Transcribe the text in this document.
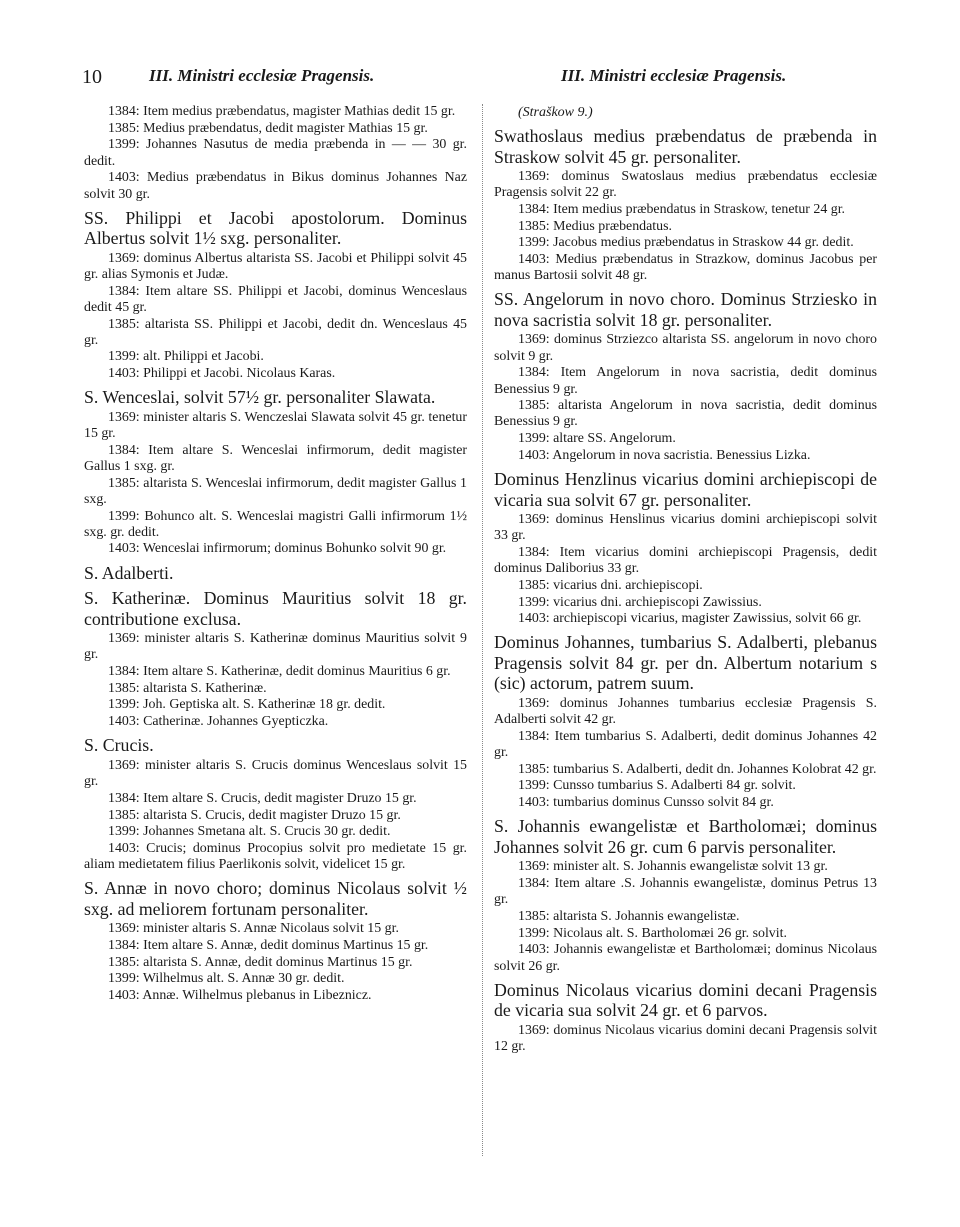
10	III. Ministri ecclesiæ Pragensis.	III. Ministri ecclesiæ Pragensis.

1384: Item medius præbendatus, magister Mathias dedit 15 gr.

1385: Medius præbendatus, dedit magister Mathias 15 gr.

1399: Johannes Nasutus de media præbenda in — — 30 gr. dedit.

1403: Medius præbendatus in Bikus dominus Johannes Naz solvit 30 gr.

SS. Philippi et Jacobi apostolorum. Dominus Albertus solvit 1½ sxg. personaliter.

1369: dominus Albertus altarista SS. Jacobi et Philippi solvit 45 gr. alias Symonis et Judæ.

1384: Item altare SS. Philippi et Jacobi, dominus Wenceslaus dedit 45 gr.

1385: altarista SS. Philippi et Jacobi, dedit dn. Wenceslaus 45 gr.

1399: alt. Philippi et Jacobi.

1403: Philippi et Jacobi. Nicolaus Karas.

S. Wenceslai, solvit 57½ gr. personaliter Slawata.

1369: minister altaris S. Wenczeslai Slawata solvit 45 gr. tenetur 15 gr.

1384: Item altare S. Wenceslai infirmorum, dedit magister Gallus 1 sxg. gr.

1385: altarista S. Wenceslai infirmorum, dedit magister Gallus 1 sxg.

1399: Bohunco alt. S. Wenceslai magistri Galli infirmorum 1½ sxg. gr. dedit.

1403: Wenceslai infirmorum; dominus Bohunko solvit 90 gr.

S. Adalberti.

S. Katherinæ. Dominus Mauritius solvit 18 gr. contributione exclusa.

1369: minister altaris S. Katherinæ dominus Mauritius solvit 9 gr.

1384: Item altare S. Katherinæ, dedit dominus Mauritius 6 gr.

1385: altarista S. Katherinæ.

1399: Joh. Geptiska alt. S. Katherinæ 18 gr. dedit.

1403: Catherinæ. Johannes Gyepticzka.

S. Crucis.

1369: minister altaris S. Crucis dominus Wenceslaus solvit 15 gr.

1384: Item altare S. Crucis, dedit magister Druzo 15 gr.

1385: altarista S. Crucis, dedit magister Druzo 15 gr.

1399: Johannes Smetana alt. S. Crucis 30 gr. dedit.

1403: Crucis; dominus Procopius solvit pro medietate 15 gr. aliam medietatem filius Paerlikonis solvit, videlicet 15 gr.

S. Annæ in novo choro; dominus Nicolaus solvit ½ sxg. ad meliorem fortunam personaliter.

1369: minister altaris S. Annæ Nicolaus solvit 15 gr.

1384: Item altare S. Annæ, dedit dominus Martinus 15 gr.

1385: altarista S. Annæ, dedit dominus Martinus 15 gr.

1399: Wilhelmus alt. S. Annæ 30 gr. dedit.

1403: Annæ. Wilhelmus plebanus in Libeznicz.

(Straškow 9.)

Swathoslaus medius præbendatus de præbenda in Straskow solvit 45 gr. personaliter.

1369: dominus Swatoslaus medius præbendatus ecclesiæ Pragensis solvit 22 gr.

1384: Item medius præbendatus in Straskow, tenetur 24 gr.

1385: Medius præbendatus.

1399: Jacobus medius præbendatus in Straskow 44 gr. dedit.

1403: Medius præbendatus in Strazkow, dominus Jacobus per manus Bartosii solvit 48 gr.

SS. Angelorum in novo choro. Dominus Strziesko in nova sacristia solvit 18 gr. personaliter.

1369: dominus Strziezco altarista SS. angelorum in novo choro solvit 9 gr.

1384: Item Angelorum in nova sacristia, dedit dominus Benessius 9 gr.

1385: altarista Angelorum in nova sacristia, dedit dominus Benessius 9 gr.

1399: altare SS. Angelorum.

1403: Angelorum in nova sacristia. Benessius Lizka.

Dominus Henzlinus vicarius domini archiepiscopi de vicaria sua solvit 67 gr. personaliter.

1369: dominus Henslinus vicarius domini archiepiscopi solvit 33 gr.

1384: Item vicarius domini archiepiscopi Pragensis, dedit dominus Daliborius 33 gr.

1385: vicarius dni. archiepiscopi.

1399: vicarius dni. archiepiscopi Zawissius.

1403: archiepiscopi vicarius, magister Zawissius, solvit 66 gr.

Dominus Johannes, tumbarius S. Adalberti, plebanus Pragensis solvit 84 gr. per dn. Albertum notarium s (sic) actorum, patrem suum.

1369: dominus Johannes tumbarius ecclesiæ Pragensis S. Adalberti solvit 42 gr.

1384: Item tumbarius S. Adalberti, dedit dominus Johannes 42 gr.

1385: tumbarius S. Adalberti, dedit dn. Johannes Kolobrat 42 gr.

1399: Cunsso tumbarius S. Adalberti 84 gr. solvit.

1403: tumbarius dominus Cunsso solvit 84 gr.

S. Johannis ewangelistæ et Bartholomæi; dominus Johannes solvit 26 gr. cum 6 parvis personaliter.

1369: minister alt. S. Johannis ewangelistæ solvit 13 gr.

1384: Item altare .S. Johannis ewangelistæ, dominus Petrus 13 gr.

1385: altarista S. Johannis ewangelistæ.

1399: Nicolaus alt. S. Bartholomæi 26 gr. solvit.

1403: Johannis ewangelistæ et Bartholomæi; dominus Nicolaus solvit 26 gr.

Dominus Nicolaus vicarius domini decani Pragensis de vicaria sua solvit 24 gr. et 6 parvos.

1369: dominus Nicolaus vicarius domini decani Pragensis solvit 12 gr.
